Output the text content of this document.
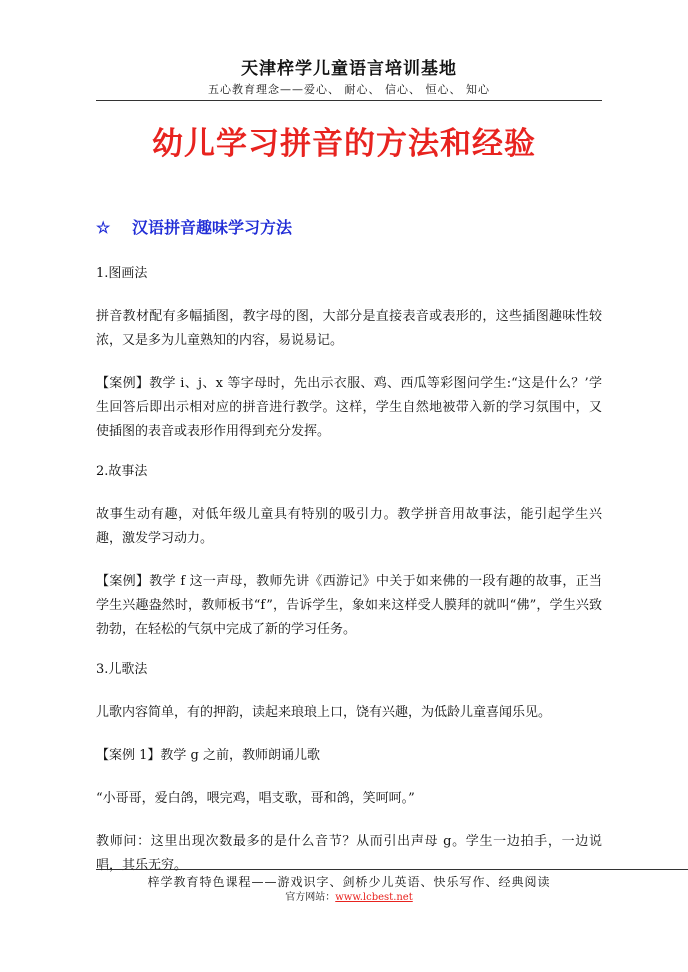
天津梓学儿童语言培训基地
五心教育理念——爱心、 耐心、 信心、 恒心、 知心
幼儿学习拼音的方法和经验
☆ 汉语拼音趣味学习方法

1.图画法

拼音教材配有多幅插图，教字母的图，大部分是直接表音或表形的，这些插图趣味性较浓，又是多为儿童熟知的内容，易说易记。

【案例】教学 i、j、x 等字母时，先出示衣服、鸡、西瓜等彩图问学生:“这是什么？’学生回答后即出示相对应的拼音进行教学。这样，学生自然地被带入新的学习氛围中，又使插图的表音或表形作用得到充分发挥。

2.故事法

故事生动有趣，对低年级儿童具有特别的吸引力。教学拼音用故事法，能引起学生兴趣，激发学习动力。

【案例】教学 f 这一声母，教师先讲《西游记》中关于如来佛的一段有趣的故事，正当学生兴趣盎然时，教师板书“f”，告诉学生，象如来这样受人膜拜的就叫“佛”，学生兴致勃勃，在轻松的气氛中完成了新的学习任务。

3.儿歌法

儿歌内容简单，有的押韵，读起来琅琅上口，饶有兴趣，为低龄儿童喜闻乐见。

【案例 1】教学 g 之前，教师朗诵儿歌

“小哥哥，爱白鸽，喂完鸡，唱支歌，哥和鸽，笑呵呵。”

教师问：这里出现次数最多的是什么音节？从而引出声母 g。学生一边拍手，一边说唱，其乐无穷。

梓学教育特色课程——游戏识字、剑桥少儿英语、快乐写作、经典阅读
官方网站：www.lcbest.net
